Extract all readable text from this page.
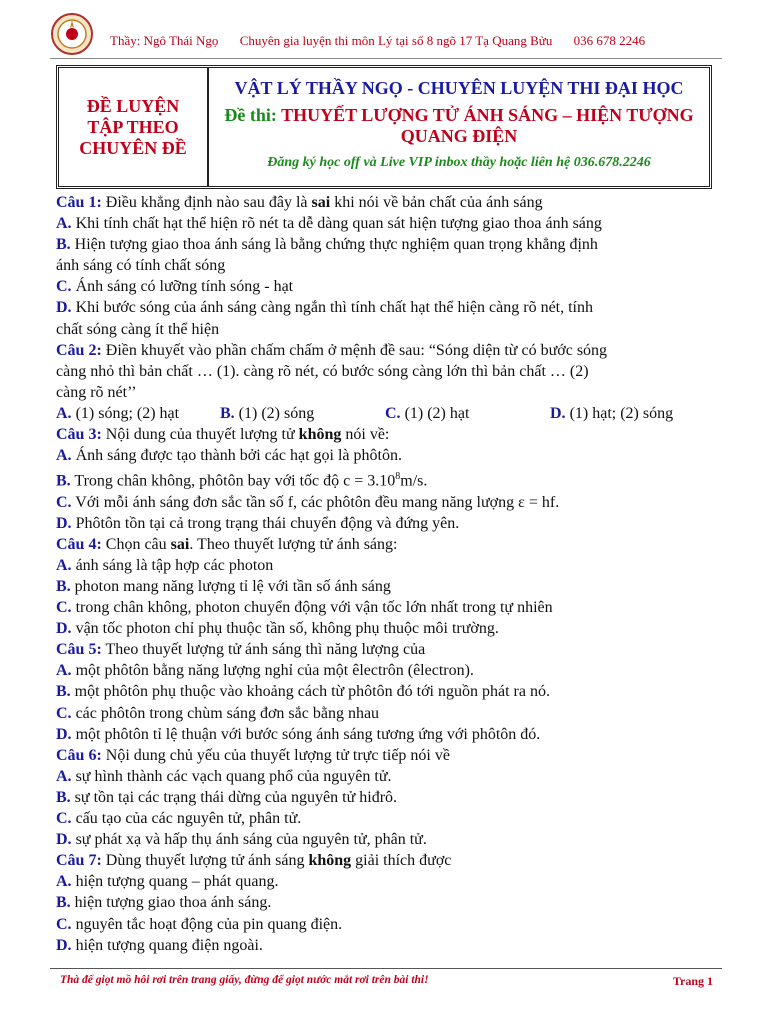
Thầy: Ngô Thái Ngọ Chuyên gia luyện thi môn Lý tại số 8 ngõ 17 Tạ Quang Bửu 036 678 2246
ĐỀ LUYỆN TẬP THEO CHUYÊN ĐỀ
VẬT LÝ THẦY NGỌ - CHUYÊN LUYỆN THI ĐẠI HỌC
Đề thi: THUYẾT LƯỢNG TỬ ÁNH SÁNG – HIỆN TƯỢNG QUANG ĐIỆN
Đăng ký học off và Live VIP inbox thầy hoặc liên hệ 036.678.2246
Câu 1: Điều khẳng định nào sau đây là sai khi nói về bản chất của ánh sáng
A. Khi tính chất hạt thể hiện rõ nét ta dễ dàng quan sát hiện tượng giao thoa ánh sáng
B. Hiện tượng giao thoa ánh sáng là bằng chứng thực nghiệm quan trọng khẳng định
ánh sáng có tính chất sóng
C. Ánh sáng có lưỡng tính sóng - hạt
D. Khi bước sóng của ánh sáng càng ngắn thì tính chất hạt thể hiện càng rõ nét, tính
chất sóng càng ít thể hiện
Câu 2: Điền khuyết vào phần chấm chấm ở mệnh đề sau: “Sóng diện từ có bước sóng
càng nhỏ thì bản chất … (1). càng rõ nét, có bước sóng càng lớn thì bản chất … (2)
càng rõ nét’’
A. (1) sóng; (2) hạt	B. (1) (2) sóng	C. (1) (2) hạt	D. (1) hạt; (2) sóng
Câu 3: Nội dung của thuyết lượng tử không nói về:
A. Ánh sáng được tạo thành bởi các hạt gọi là phôtôn.
B. Trong chân không, phôtôn bay với tốc độ $c = 3.10^8m/s$.
C. Với mỗi ánh sáng đơn sắc tần số f, các phôtôn đều mang năng lượng ε = hf.
D. Phôtôn tồn tại cả trong trạng thái chuyển động và đứng yên.
Câu 4: Chọn câu sai. Theo thuyết lượng tử ánh sáng:
A. ánh sáng là tập hợp các photon
B. photon mang năng lượng tỉ lệ với tần số ánh sáng
C. trong chân không, photon chuyển động với vận tốc lớn nhất trong tự nhiên
D. vận tốc photon chỉ phụ thuộc tần số, không phụ thuộc môi trường.
Câu 5: Theo thuyết lượng tử ánh sáng thì năng lượng của
A. một phôtôn bằng năng lượng nghỉ của một êlectrôn (êlectron).
B. một phôtôn phụ thuộc vào khoảng cách từ phôtôn đó tới nguồn phát ra nó.
C. các phôtôn trong chùm sáng đơn sắc bằng nhau
D. một phôtôn tỉ lệ thuận với bước sóng ánh sáng tương ứng với phôtôn đó.
Câu 6: Nội dung chủ yếu của thuyết lượng tử trực tiếp nói về
A. sự hình thành các vạch quang phổ của nguyên tử.
B. sự tồn tại các trạng thái dừng của nguyên tử hiđrô.
C. cấu tạo của các nguyên tử, phân tử.
D. sự phát xạ và hấp thụ ánh sáng của nguyên tử, phân tử.
Câu 7: Dùng thuyết lượng tử ánh sáng không giải thích được
A. hiện tượng quang – phát quang.
B. hiện tượng giao thoa ánh sáng.
C. nguyên tắc hoạt động của pin quang điện.
D. hiện tượng quang điện ngoài.
Thà để giọt mồ hôi rơi trên trang giấy, đừng để giọt nước mắt rơi trên bài thi!	Trang 1
